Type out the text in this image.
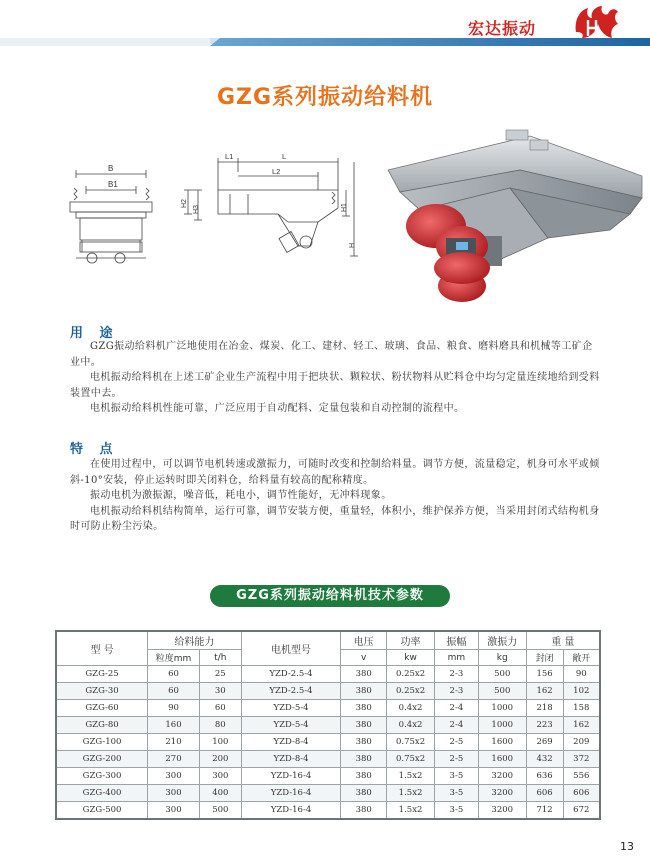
宏达振动
GZG系列振动给料机
B
B1
L1	L
L2
H2
H3	H1
H
用 途

GZG振动给料机广泛地使用在冶金、煤炭、化工、建材、轻工、玻璃、食品、粮食、磨料磨具和机械等工矿企业中。

电机振动给料机在上述工矿企业生产流程中用于把块状、颗粒状、粉状物料从贮料仓中均匀定量连续地给到受料装置中去。

电机振动给料机性能可靠，广泛应用于自动配料、定量包装和自动控制的流程中。

特 点

在使用过程中，可以调节电机转速或激振力，可随时改变和控制给料量。调节方便，流量稳定，机身可水平或倾斜-10°安装，停止运转时即关闭料仓，给料量有较高的配称精度。

振动电机为激振源，噪音低，耗电小，调节性能好，无冲料现象。

电机振动给料机结构简单，运行可靠，调节安装方便，重量轻，体积小，维护保养方便，当采用封闭式结构机身时可防止粉尘污染。

GZG系列振动给料机技术参数
型 号	给料能力		电机型号	电压	功率	振幅	激振力	重 量	
	粒度mm	t/h		v	kw	mm	kg	封闭	敞开
GZG-25	60	25	YZD-2.5-4	380	0.25x2	2-3	500	156	90
GZG-30	60	30	YZD-2.5-4	380	0.25x2	2-3	500	162	102
GZG-60	90	60	YZD-5-4	380	0.4x2	2-4	1000	218	158
GZG-80	160	80	YZD-5-4	380	0.4x2	2-4	1000	223	162
GZG-100	210	100	YZD-8-4	380	0.75x2	2-5	1600	269	209
GZG-200	270	200	YZD-8-4	380	0.75x2	2-5	1600	432	372
GZG-300	300	300	YZD-16-4	380	1.5x2	3-5	3200	636	556
GZG-400	300	400	YZD-16-4	380	1.5x2	3-5	3200	606	606
GZG-500	300	500	YZD-16-4	380	1.5x2	3-5	3200	712	672
13
